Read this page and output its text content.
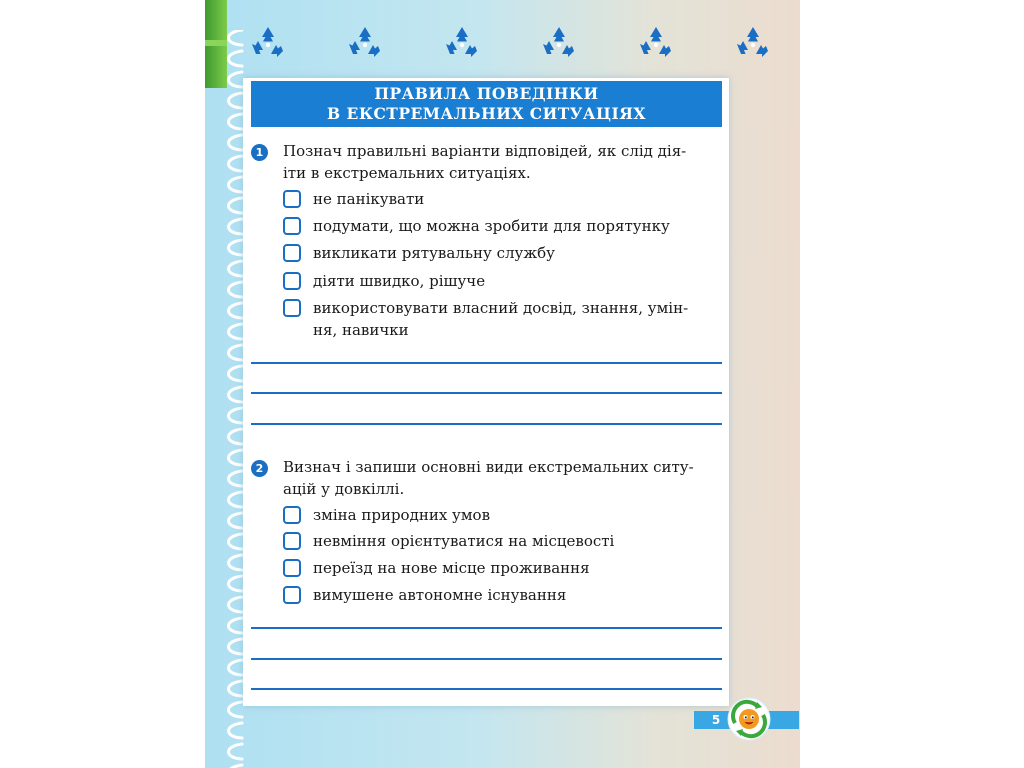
ПРАВИЛА ПОВЕДІНКИ
В ЕКСТРЕМАЛЬНИХ СИТУАЦІЯХ
1	Познач правильні варіанти відповідей, як слід дія-
іти в екстремальних ситуаціях.
не панікувати
подумати, що можна зробити для порятунку
викликати рятувальну службу
діяти швидко, рішуче
використовувати власний досвід, знання, умін-
ня, навички
2	Визнач і запиши основні види екстремальних ситу-
ацій у довкіллі.
зміна природних умов
невміння орієнтуватися на місцевості
переїзд на нове місце проживання
вимушене автономне існування
5
